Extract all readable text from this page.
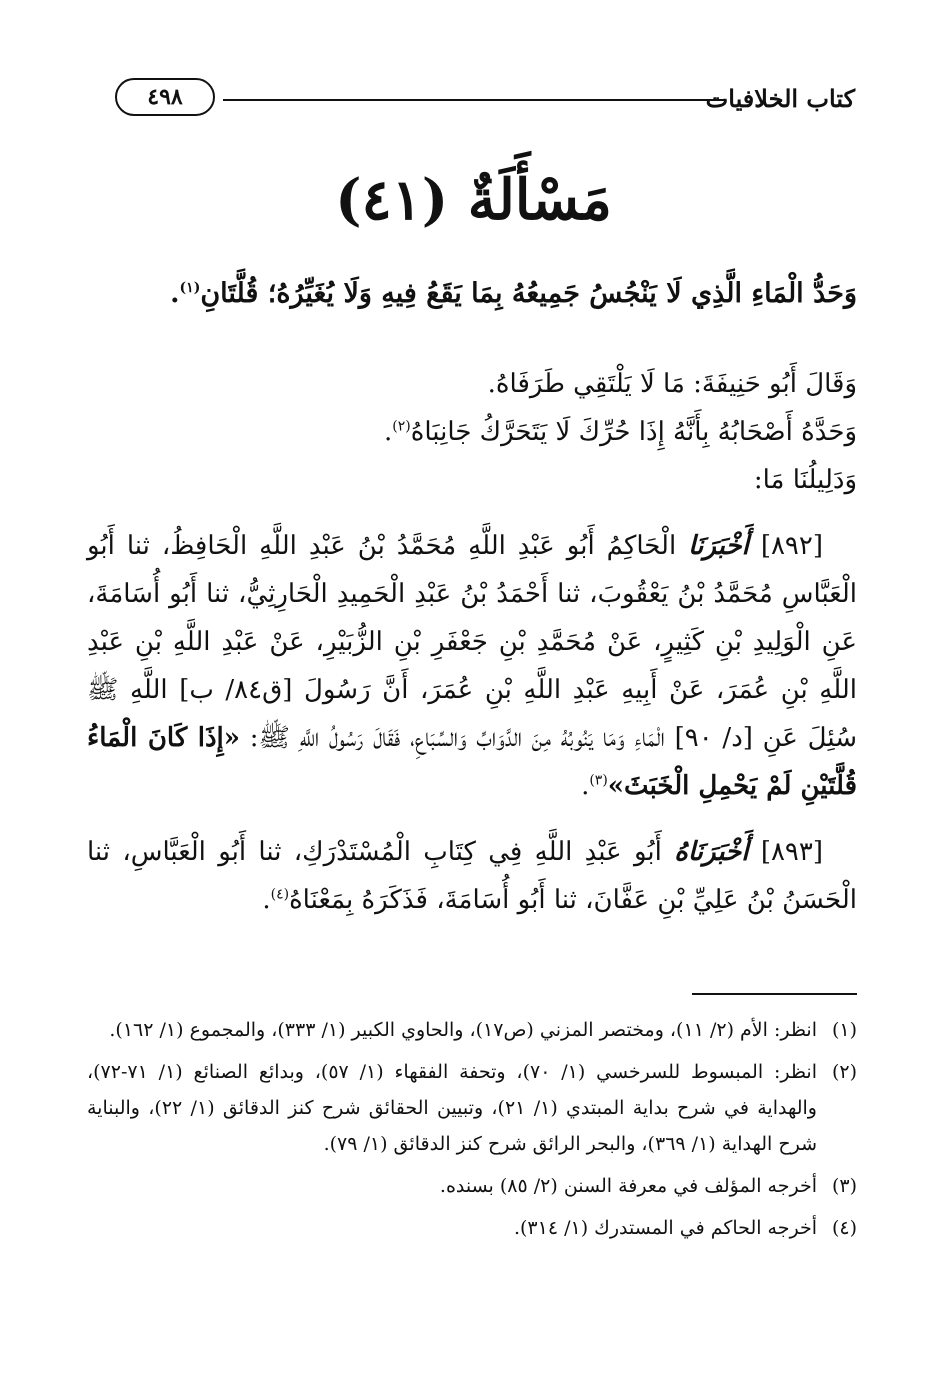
كتاب الخلافيات
٤٩٨
مَسْأَلَةٌ (٤١)

وَحَدُّ الْمَاءِ الَّذِي لَا يَنْجُسُ جَمِيعُهُ بِمَا يَقَعُ فِيهِ وَلَا يُغَيِّرُهُ؛ قُلَّتَانِ$^{(١)}$.

وَقَالَ أَبُو حَنِيفَةَ: مَا لَا يَلْتَقِي طَرَفَاهُ.

وَحَدَّهُ أَصْحَابُهُ بِأَنَّهُ إِذَا حُرِّكَ لَا يَتَحَرَّكُ جَانِبَاهُ$^{(٢)}$.

وَدَلِيلُنَا مَا:

[٨٩٢] أَخْبَرَنَا الْحَاكِمُ أَبُو عَبْدِ اللَّهِ مُحَمَّدُ بْنُ عَبْدِ اللَّهِ الْحَافِظُ، ثنا أَبُو الْعَبَّاسِ مُحَمَّدُ بْنُ يَعْقُوبَ، ثنا أَحْمَدُ بْنُ عَبْدِ الْحَمِيدِ الْحَارِثِيُّ، ثنا أَبُو أُسَامَةَ، عَنِ الْوَلِيدِ بْنِ كَثِيرٍ، عَنْ مُحَمَّدِ بْنِ جَعْفَرِ بْنِ الزُّبَيْرِ، عَنْ عَبْدِ اللَّهِ بْنِ عَبْدِ اللَّهِ بْنِ عُمَرَ، عَنْ أَبِيهِ عَبْدِ اللَّهِ بْنِ عُمَرَ، أَنَّ رَسُولَ [ق٨٤/ ب] اللَّهِ ﷺ سُئِلَ عَنِ [د/ ٩٠] الْمَاءِ وَمَا يَنُوبُهُ مِنَ الدَّوَابِّ وَالسِّبَاعِ، فَقَالَ رَسُولُ اللَّهِ ﷺ: «إِذَا كَانَ الْمَاءُ قُلَّتَيْنِ لَمْ يَحْمِلِ الْخَبَثَ»$^{(٣)}$.

[٨٩٣] أَخْبَرَنَاهُ أَبُو عَبْدِ اللَّهِ فِي كِتَابِ الْمُسْتَدْرَكِ، ثنا أَبُو الْعَبَّاسِ، ثنا الْحَسَنُ بْنُ عَلِيِّ بْنِ عَفَّانَ، ثنا أَبُو أُسَامَةَ، فَذَكَرَهُ بِمَعْنَاهُ$^{(٤)}$.

(١)
انظر: الأم (٢/ ١١)، ومختصر المزني (ص١٧)، والحاوي الكبير (١/ ٣٣٣)، والمجموع (١/ ١٦٢).
(٢)
انظر: المبسوط للسرخسي (١/ ٧٠)، وتحفة الفقهاء (١/ ٥٧)، وبدائع الصنائع (١/ ٧١-٧٢)، والهداية في شرح بداية المبتدي (١/ ٢١)، وتبيين الحقائق شرح كنز الدقائق (١/ ٢٢)، والبناية شرح الهداية (١/ ٣٦٩)، والبحر الرائق شرح كنز الدقائق (١/ ٧٩).
(٣)
أخرجه المؤلف في معرفة السنن (٢/ ٨٥) بسنده.
(٤)
أخرجه الحاكم في المستدرك (١/ ٣١٤).
